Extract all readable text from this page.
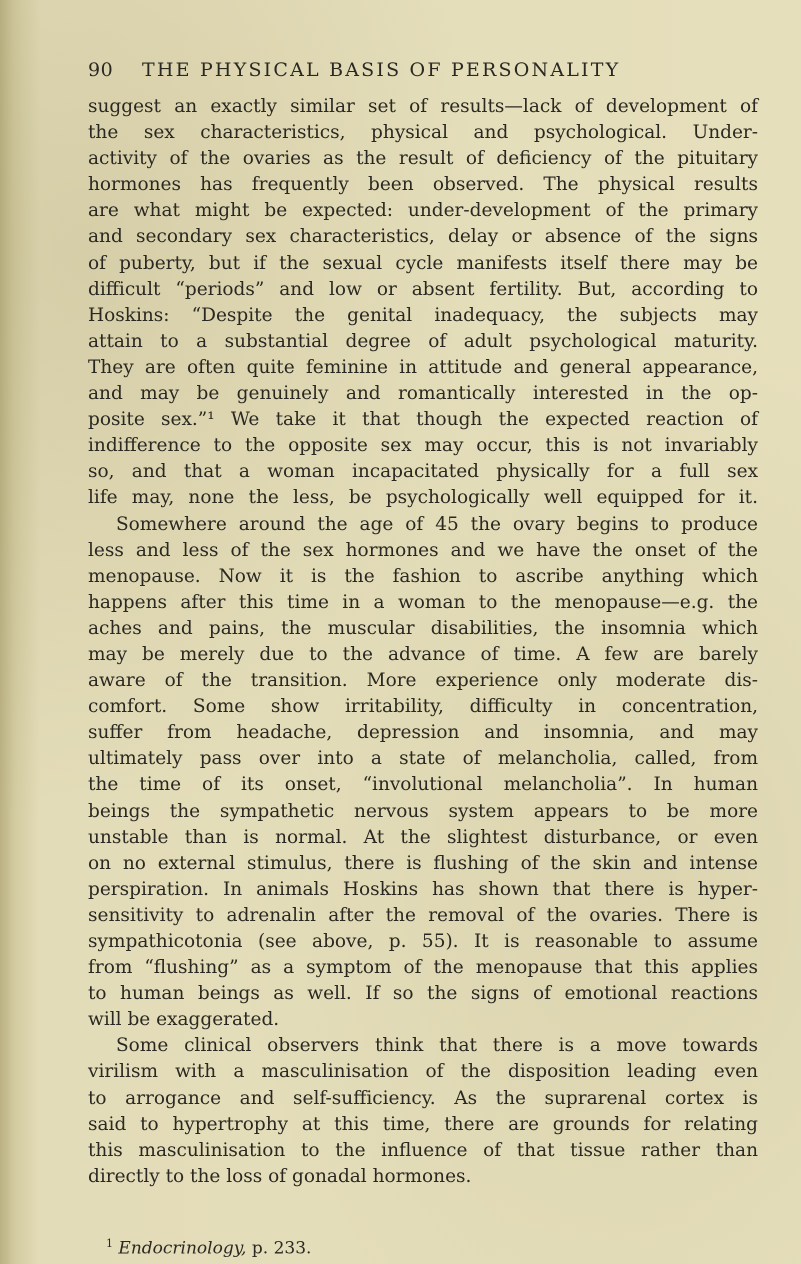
90 THE PHYSICAL BASIS OF PERSONALITY
suggest an exactly similar set of results—lack of development of
the sex characteristics, physical and psychological. Under-
activity of the ovaries as the result of deficiency of the pituitary
hormones has frequently been observed. The physical results
are what might be expected: under-development of the primary
and secondary sex characteristics, delay or absence of the signs
of puberty, but if the sexual cycle manifests itself there may be
difficult “periods” and low or absent fertility. But, according to
Hoskins: “Despite the genital inadequacy, the subjects may
attain to a substantial degree of adult psychological maturity.
They are often quite feminine in attitude and general appearance,
and may be genuinely and romantically interested in the op-
posite sex.”¹ We take it that though the expected reaction of
indifference to the opposite sex may occur, this is not invariably
so, and that a woman incapacitated physically for a full sex
life may, none the less, be psychologically well equipped for it.
Somewhere around the age of 45 the ovary begins to produce
less and less of the sex hormones and we have the onset of the
menopause. Now it is the fashion to ascribe anything which
happens after this time in a woman to the menopause—e.g. the
aches and pains, the muscular disabilities, the insomnia which
may be merely due to the advance of time. A few are barely
aware of the transition. More experience only moderate dis-
comfort. Some show irritability, difficulty in concentration,
suffer from headache, depression and insomnia, and may
ultimately pass over into a state of melancholia, called, from
the time of its onset, “involutional melancholia”. In human
beings the sympathetic nervous system appears to be more
unstable than is normal. At the slightest disturbance, or even
on no external stimulus, there is flushing of the skin and intense
perspiration. In animals Hoskins has shown that there is hyper-
sensitivity to adrenalin after the removal of the ovaries. There is
sympathicotonia (see above, p. 55). It is reasonable to assume
from “flushing” as a symptom of the menopause that this applies
to human beings as well. If so the signs of emotional reactions
will be exaggerated.
Some clinical observers think that there is a move towards
virilism with a masculinisation of the disposition leading even
to arrogance and self-sufficiency. As the suprarenal cortex is
said to hypertrophy at this time, there are grounds for relating
this masculinisation to the influence of that tissue rather than
directly to the loss of gonadal hormones.
$^1$ Endocrinology, p. 233.
